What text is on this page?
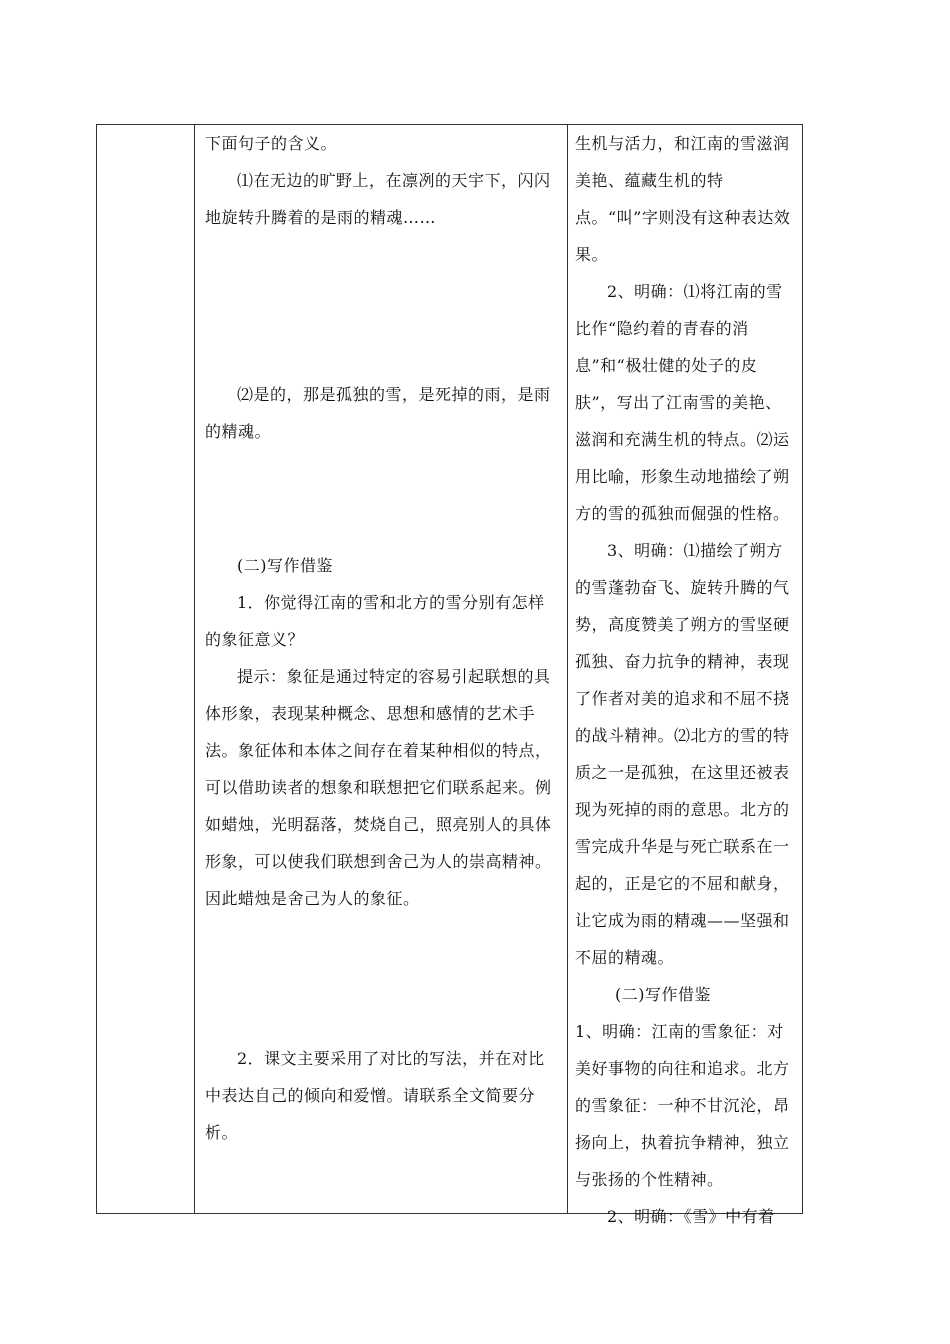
下面句子的含义。

⑴在无边的旷野上，在凛冽的天宇下，闪闪地旋转升腾着的是雨的精魂……

⑵是的，那是孤独的雪，是死掉的雨，是雨的精魂。

(二)写作借鉴

1．你觉得江南的雪和北方的雪分别有怎样的象征意义？

提示：象征是通过特定的容易引起联想的具体形象，表现某种概念、思想和感情的艺术手法。象征体和本体之间存在着某种相似的特点，可以借助读者的想象和联想把它们联系起来。例如蜡烛，光明磊落，焚烧自己，照亮别人的具体形象，可以使我们联想到舍己为人的崇高精神。因此蜡烛是舍己为人的象征。

2．课文主要采用了对比的写法，并在对比中表达自己的倾向和爱憎。请联系全文简要分析。

生机与活力，和江南的雪滋润美艳、蕴藏生机的特点。“叫”字则没有这种表达效果。

2、明确：⑴将江南的雪比作“隐约着的青春的消息”和“极壮健的处子的皮肤”，写出了江南雪的美艳、滋润和充满生机的特点。⑵运用比喻，形象生动地描绘了朔方的雪的孤独而倔强的性格。

3、明确：⑴描绘了朔方的雪蓬勃奋飞、旋转升腾的气势，高度赞美了朔方的雪坚硬孤独、奋力抗争的精神，表现了作者对美的追求和不屈不挠的战斗精神。⑵北方的雪的特质之一是孤独，在这里还被表现为死掉的雨的意思。北方的雪完成升华是与死亡联系在一起的，正是它的不屈和献身，让它成为雨的精魂——坚强和不屈的精魂。

(二)写作借鉴

1、明确：江南的雪象征：对美好事物的向往和追求。北方的雪象征：一种不甘沉沦，昂扬向上，执着抗争精神，独立与张扬的个性精神。

2、明确：《雪》中有着
